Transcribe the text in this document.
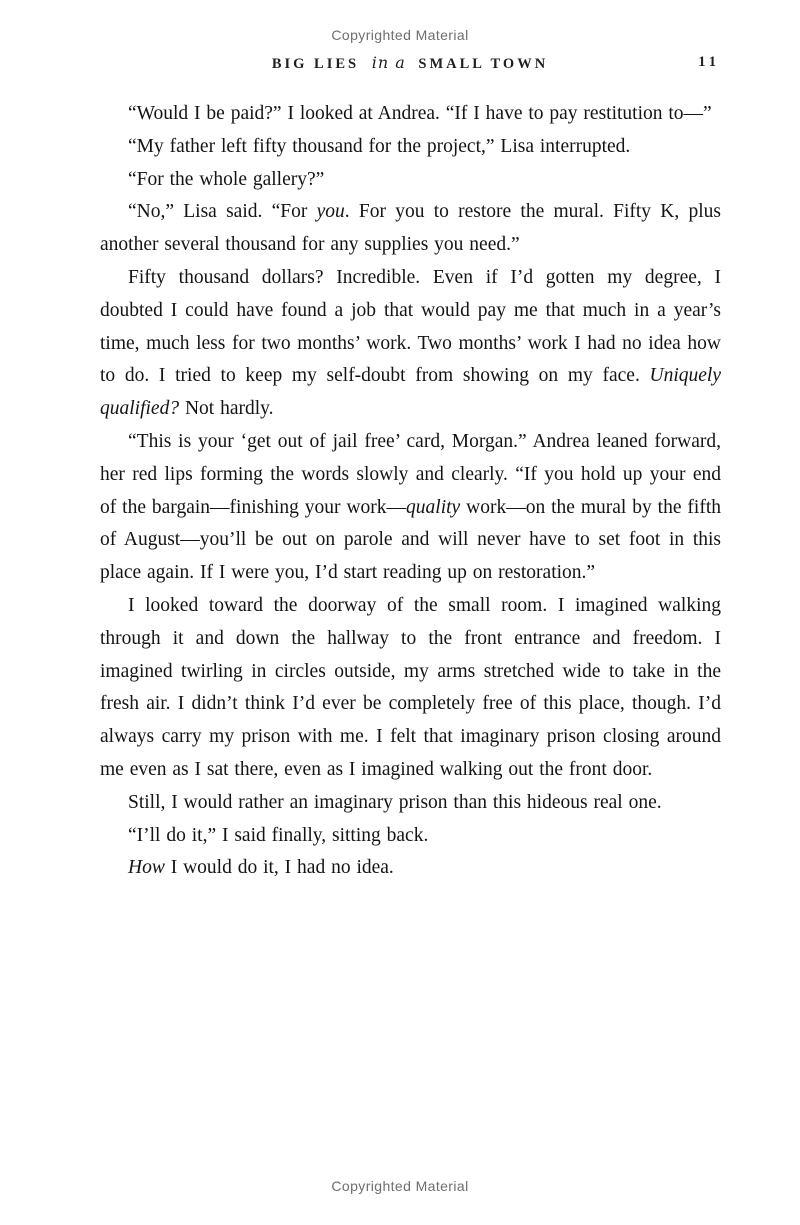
Copyrighted Material
BIG LIES in a SMALL TOWN	11

“Would I be paid?” I looked at Andrea. “If I have to pay restitution to—”

“My father left fifty thousand for the project,” Lisa interrupted.

“For the whole gallery?”

“No,” Lisa said. “For you. For you to restore the mural. Fifty K, plus another several thousand for any supplies you need.”

Fifty thousand dollars? Incredible. Even if I’d gotten my degree, I doubted I could have found a job that would pay me that much in a year’s time, much less for two months’ work. Two months’ work I had no idea how to do. I tried to keep my self-doubt from showing on my face. Uniquely qualified? Not hardly.

“This is your ‘get out of jail free’ card, Morgan.” Andrea leaned forward, her red lips forming the words slowly and clearly. “If you hold up your end of the bargain—finishing your work—quality work—on the mural by the fifth of August—you’ll be out on parole and will never have to set foot in this place again. If I were you, I’d start reading up on restoration.”

I looked toward the doorway of the small room. I imagined walking through it and down the hallway to the front entrance and freedom. I imagined twirling in circles outside, my arms stretched wide to take in the fresh air. I didn’t think I’d ever be completely free of this place, though. I’d always carry my prison with me. I felt that imaginary prison closing around me even as I sat there, even as I imagined walking out the front door.

Still, I would rather an imaginary prison than this hideous real one.

“I’ll do it,” I said finally, sitting back.

How I would do it, I had no idea.

Copyrighted Material
